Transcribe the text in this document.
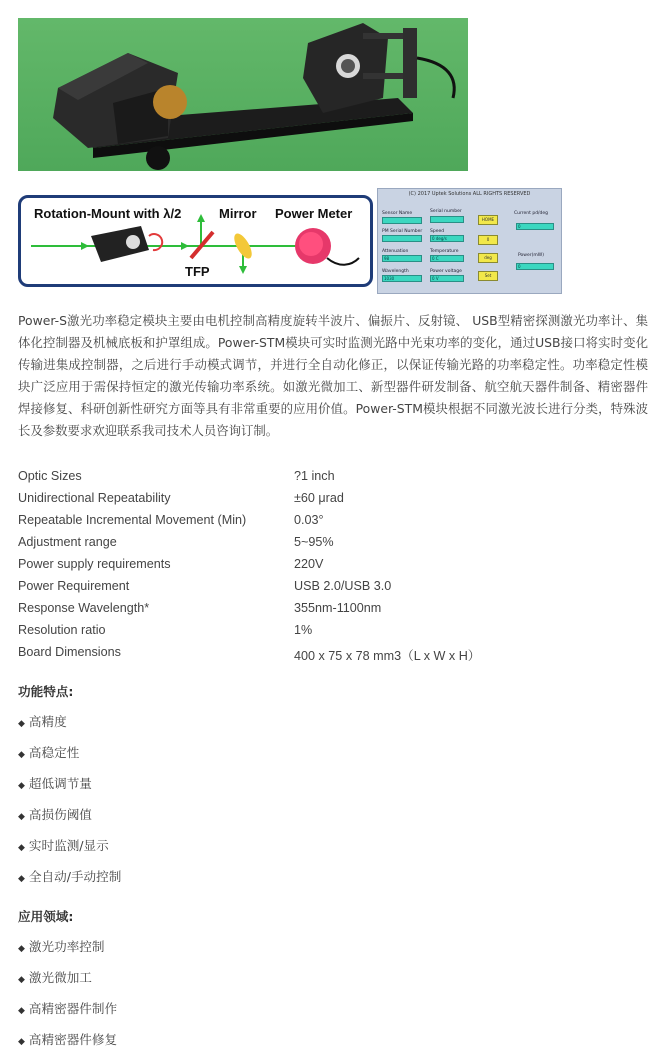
Rotation-Mount with λ/2	Mirror Power Meter
TFP
(C) 2017 Uptek Solutions ALL RIGHTS RESERVED
Sensor Name	Serial number
PM Serial Number Speed
0 deg/s
Attenuation
98
Temperature
0 C
Wavelength
1030
Power voltage
0 V
HOME
0
deg
Set
Current pd/deg
0
Power(mW)
0
Power-S激光功率稳定模块主要由电机控制高精度旋转半波片、偏振片、反射镜、 USB型精密探测激光功率计、集体化控制器及机械底板和护罩组成。Power-STM模块可实时监测光路中光束功率的变化，通过USB接口将实时变化传输进集成控制器，之后进行手动模式调节，并进行全自动化修正，以保证传输光路的功率稳定性。功率稳定性模块广泛应用于需保持恒定的激光传输功率系统。如激光微加工、新型器件研发制备、航空航天器件制备、精密器件焊接修复、科研创新性研究方面等具有非常重要的应用价值。Power-STM模块根据不同激光波长进行分类，特殊波长及参数要求欢迎联系我司技术人员咨询订制。
Optic Sizes	?1 inch
Unidirectional Repeatability	±60 μrad
Repeatable Incremental Movement (Min)	0.03°
Adjustment range	5~95%
Power supply requirements	220V
Power Requirement	USB 2.0/USB 3.0
Response Wavelength*	355nm-1100nm
Resolution ratio	1%
Board Dimensions	400 x 75 x 78 mm3（L x W x H）
功能特点:
◆ 高精度
◆ 高稳定性
◆ 超低调节量
◆ 高损伤阈值
◆ 实时监测/显示
◆ 全自动/手动控制
应用领域:
◆ 激光功率控制
◆ 激光微加工
◆ 高精密器件制作
◆ 高精密器件修复
